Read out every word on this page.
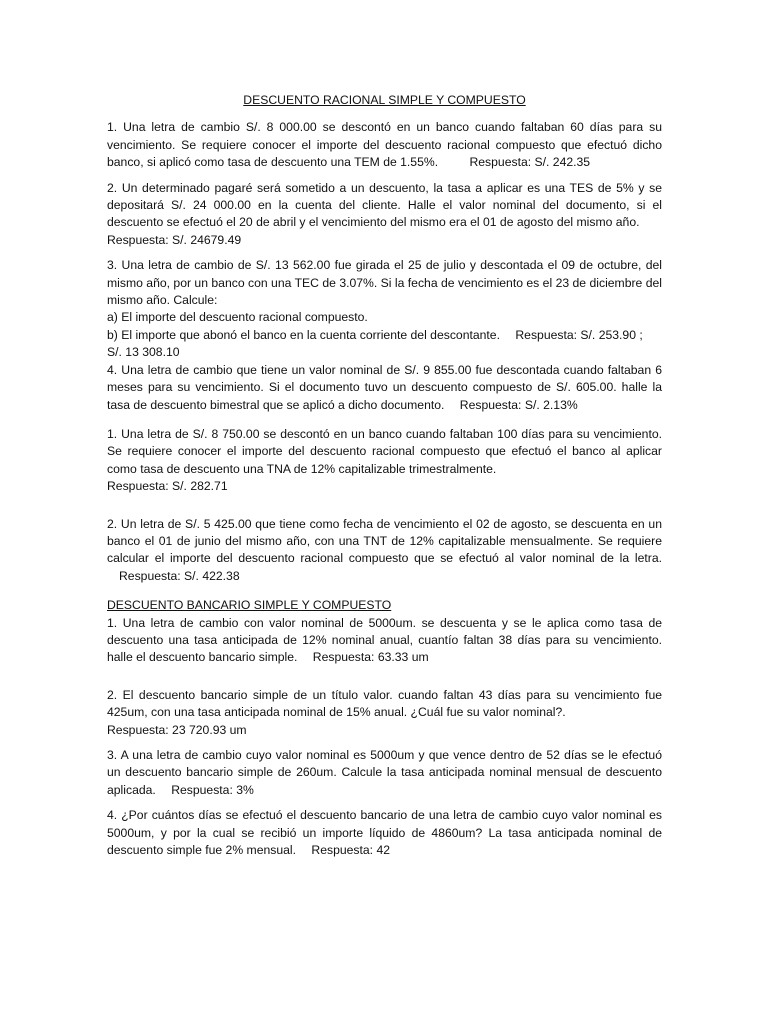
DESCUENTO RACIONAL SIMPLE Y COMPUESTO

1. Una letra de cambio S/. 8 000.00 se descontó en un banco cuando faltaban 60 días para su vencimiento. Se requiere conocer el importe del descuento racional compuesto que efectuó dicho banco, si aplicó como tasa de descuento una TEM de 1.55%.	Respuesta: S/. 242.35

2. Un determinado pagaré será sometido a un descuento, la tasa a aplicar es una TES de 5% y se depositará S/. 24 000.00 en la cuenta del cliente. Halle el valor nominal del documento, si el descuento se efectuó el 20 de abril y el vencimiento del mismo era el 01 de agosto del mismo año.
Respuesta: S/. 24679.49

3. Una letra de cambio de S/. 13 562.00 fue girada el 25 de julio y descontada el 09 de octubre, del mismo año, por un banco con una TEC de 3.07%. Si la fecha de vencimiento es el 23 de diciembre del mismo año. Calcule:
a) El importe del descuento racional compuesto.
b) El importe que abonó el banco en la cuenta corriente del descontante. Respuesta: S/. 253.90 ;
S/. 13 308.10

4. Una letra de cambio que tiene un valor nominal de S/. 9 855.00 fue descontada cuando faltaban 6 meses para su vencimiento. Si el documento tuvo un descuento compuesto de S/. 605.00. halle la tasa de descuento bimestral que se aplicó a dicho documento. Respuesta: S/. 2.13%

1. Una letra de S/. 8 750.00 se descontó en un banco cuando faltaban 100 días para su vencimiento. Se requiere conocer el importe del descuento racional compuesto que efectuó el banco al aplicar como tasa de descuento una TNA de 12% capitalizable trimestralmente.
Respuesta: S/. 282.71

2. Un letra de S/. 5 425.00 que tiene como fecha de vencimiento el 02 de agosto, se descuenta en un banco el 01 de junio del mismo año, con una TNT de 12% capitalizable mensualmente. Se requiere calcular el importe del descuento racional compuesto que se efectuó al valor nominal de la letra. Respuesta: S/. 422.38

DESCUENTO BANCARIO SIMPLE Y COMPUESTO

1. Una letra de cambio con valor nominal de 5000um. se descuenta y se le aplica como tasa de descuento una tasa anticipada de 12% nominal anual, cuantío faltan 38 días para su vencimiento. halle el descuento bancario simple. Respuesta: 63.33 um

2. El descuento bancario simple de un título valor. cuando faltan 43 días para su vencimiento fue 425um, con una tasa anticipada nominal de 15% anual. ¿Cuál fue su valor nominal?.
Respuesta: 23 720.93 um

3. A una letra de cambio cuyo valor nominal es 5000um y que vence dentro de 52 días se le efectuó un descuento bancario simple de 260um. Calcule la tasa anticipada nominal mensual de descuento aplicada. Respuesta: 3%

4. ¿Por cuántos días se efectuó el descuento bancario de una letra de cambio cuyo valor nominal es 5000um, y por la cual se recibió un importe líquido de 4860um? La tasa anticipada nominal de descuento simple fue 2% mensual. Respuesta: 42
